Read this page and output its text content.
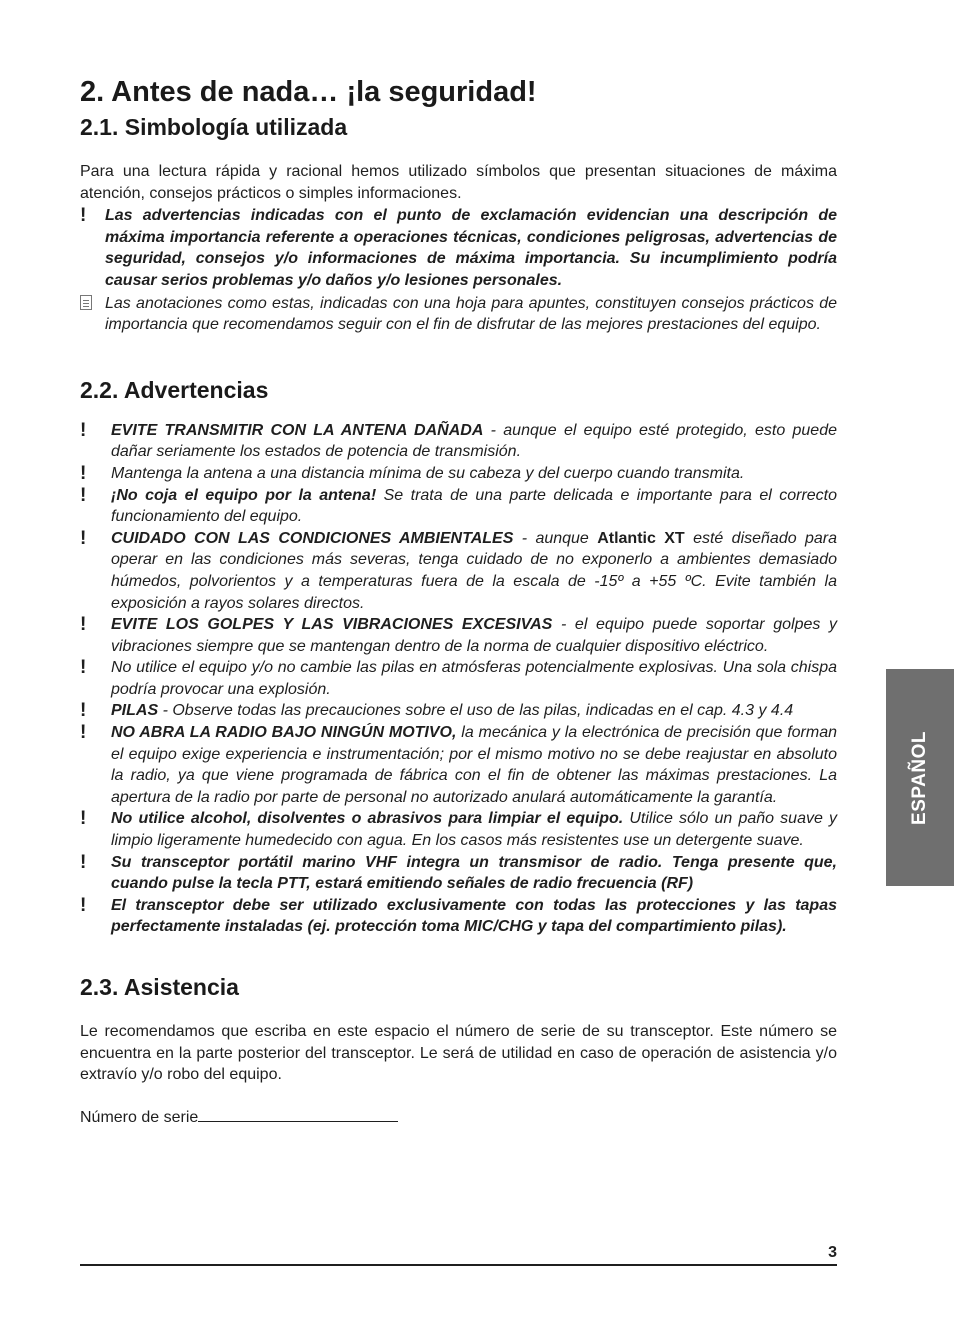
2. Antes de nada… ¡la seguridad!
2.1. Simbología utilizada

Para una lectura rápida y racional hemos utilizado símbolos que presentan situaciones de máxima atención, consejos prácticos o simples informaciones.

!	Las advertencias indicadas con el punto de exclamación evidencian una descripción de máxima importancia referente a operaciones técnicas, condiciones peligrosas, advertencias de seguridad, consejos y/o informaciones de máxima importancia. Su incumplimiento podría causar serios problemas y/o daños y/o lesiones personales.
Las anotaciones como estas, indicadas con una hoja para apuntes, constituyen consejos prácticos de importancia que recomendamos seguir con el fin de disfrutar de las mejores prestaciones del equipo.
2.2. Advertencias
! EVITE TRANSMITIR CON LA ANTENA DAÑADA - aunque el equipo esté protegido, esto puede dañar seriamente los estados de potencia de transmisión.
! Mantenga la antena a una distancia mínima de su cabeza y del cuerpo cuando transmita.
! ¡No coja el equipo por la antena! Se trata de una parte delicada e importante para el correcto funcionamiento del equipo.
! CUIDADO CON LAS CONDICIONES AMBIENTALES - aunque Atlantic XT esté diseñado para operar en las condiciones más severas, tenga cuidado de no exponerlo a ambientes demasiado húmedos, polvorientos y a temperaturas fuera de la escala de -15º a +55 ºC. Evite también la exposición a rayos solares directos.
! EVITE LOS GOLPES Y LAS VIBRACIONES EXCESIVAS - el equipo puede soportar golpes y vibraciones siempre que se mantengan dentro de la norma de cualquier dispositivo eléctrico.
! No utilice el equipo y/o no cambie las pilas en atmósferas potencialmente explosivas. Una sola chispa podría provocar una explosión.
! PILAS - Observe todas las precauciones sobre el uso de las pilas, indicadas en el cap. 4.3 y 4.4
! NO ABRA LA RADIO BAJO NINGÚN MOTIVO, la mecánica y la electrónica de precisión que forman el equipo exige experiencia e instrumentación; por el mismo motivo no se debe reajustar en absoluto la radio, ya que viene programada de fábrica con el fin de obtener las máximas prestaciones. La apertura de la radio por parte de personal no autorizado anulará automáticamente la garantía.
! No utilice alcohol, disolventes o abrasivos para limpiar el equipo. Utilice sólo un paño suave y limpio ligeramente humedecido con agua. En los casos más resistentes use un detergente suave.
! Su transceptor portátil marino VHF integra un transmisor de radio. Tenga presente que, cuando pulse la tecla PTT, estará emitiendo señales de radio frecuencia (RF)
! El transceptor debe ser utilizado exclusivamente con todas las protecciones y las tapas perfectamente instaladas (ej. protección toma MIC/CHG y tapa del compartimiento pilas).
2.3. Asistencia

Le recomendamos que escriba en este espacio el número de serie de su transceptor. Este número se encuentra en la parte posterior del transceptor. Le será de utilidad en caso de operación de asistencia y/o extravío y/o robo del equipo.

Número de serie

ESPAÑOL
3
